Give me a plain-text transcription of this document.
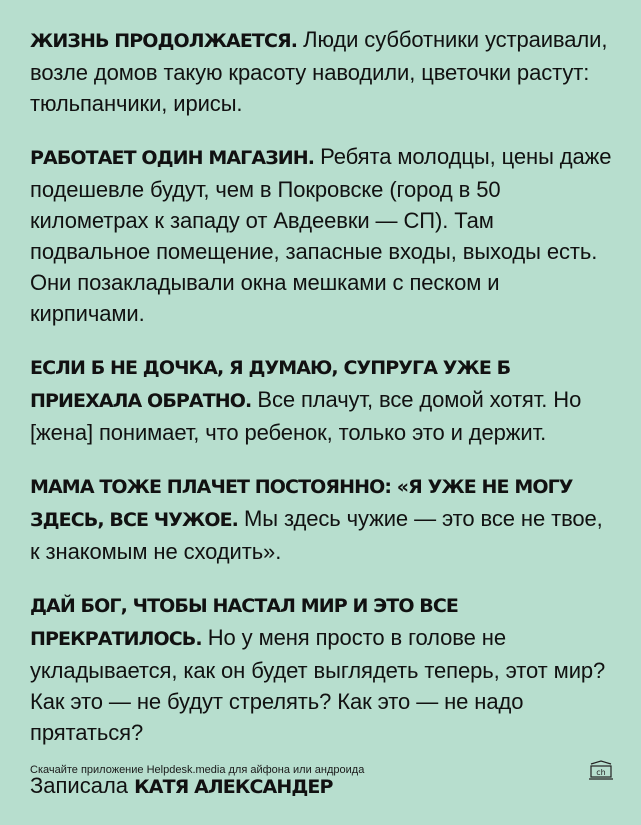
ЖИЗНЬ ПРОДОЛЖАЕТСЯ. Люди субботники устраивали, возле домов такую красоту наводили, цветочки растут: тюльпанчики, ирисы.

РАБОТАЕТ ОДИН МАГАЗИН. Ребята молодцы, цены даже подешевле будут, чем в Покровске (город в 50 километрах к западу от Авдеевки — СП). Там подвальное помещение, запасные входы, выходы есть. Они позакладывали окна мешками с песком и кирпичами.

ЕСЛИ Б НЕ ДОЧКА, Я ДУМАЮ, СУПРУГА УЖЕ Б ПРИЕХАЛА ОБРАТНО. Все плачут, все домой хотят. Но [жена] понимает, что ребенок, только это и держит.

МАМА ТОЖЕ ПЛАЧЕТ ПОСТОЯННО: «Я УЖЕ НЕ МОГУ ЗДЕСЬ, ВСЕ ЧУЖОЕ. Мы здесь чужие — это все не твое, к знакомым не сходить».

ДАЙ БОГ, ЧТОБЫ НАСТАЛ МИР И ЭТО ВСЕ ПРЕКРАТИЛОСЬ. Но у меня просто в голове не укладывается, как он будет выглядеть теперь, этот мир? Как это — не будут стрелять? Как это — не надо прятаться?

Записала КАТЯ АЛЕКСАНДЕР

Скачайте приложение Helpdesk.media для айфона или андроида	ch
